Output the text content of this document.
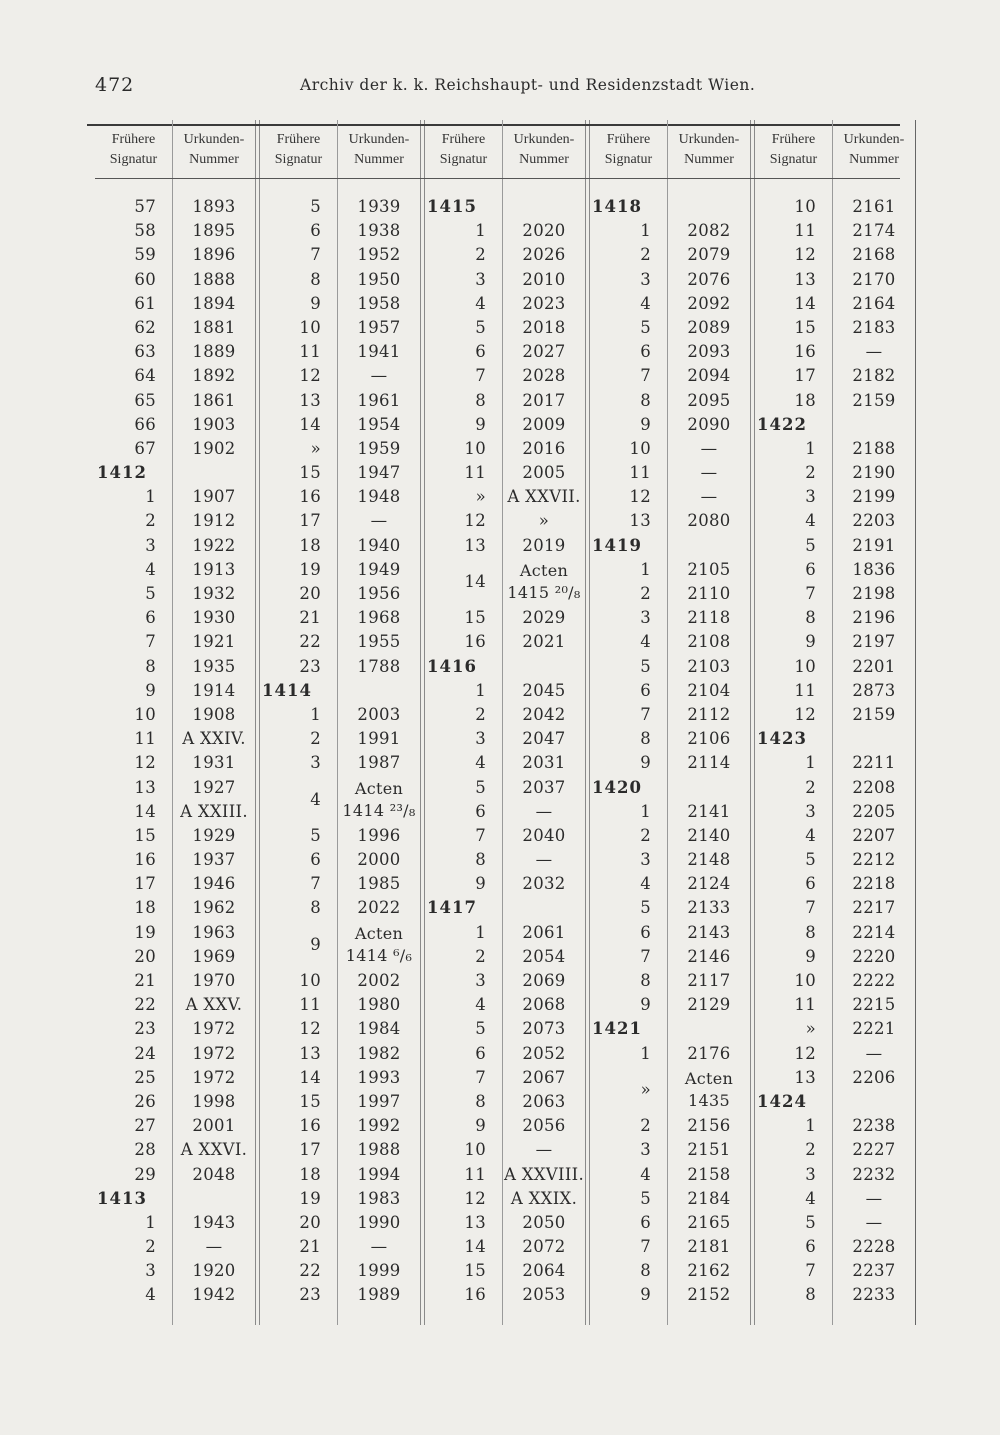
472	Archiv der k. k. Reichshaupt- und Residenzstadt Wien.
Frühere
Signatur
57
58
59
60
61
62
63
64
65
66
67
1412
1
2
3
4
5
6
7
8
9
10
11
12
13
14
15
16
17
18
19
20
21
22
23
24
25
26
27
28
29
1413
1
2
3
4
Urkunden-
Nummer
1893
1895
1896
1888
1894
1881
1889
1892
1861
1903
1902
1907
1912
1922
1913
1932
1930
1921
1935
1914
1908
A XXIV.
1931
1927
A XXIII.
1929
1937
1946
1962
1963
1969
1970
A XXV.
1972
1972
1972
1998
2001
A XXVI.
2048
1943
—
1920
1942
Frühere
Signatur
5
6
7
8
9
10
11
12
13
14
»
15
16
17
18
19
20
21
22
23
1414
1
2
3
4
5
6
7
8
9
10
11
12
13
14
15
16
17
18
19
20
21
22
23
Urkunden-
Nummer
1939
1938
1952
1950
1958
1957
1941
—
1961
1954
1959
1947
1948
—
1940
1949
1956
1968
1955
1788
2003
1991
1987
Acten
1414 ²³/₈
1996
2000
1985
2022
Acten
1414 ⁶/₆
2002
1980
1984
1982
1993
1997
1992
1988
1994
1983
1990
—
1999
1989
Frühere
Signatur
1415
1
2
3
4
5
6
7
8
9
10
11
»
12
13
14
15
16
1416
1
2
3
4
5
6
7
8
9
1417
1
2
3
4
5
6
7
8
9
10
11
12
13
14
15
16
Urkunden-
Nummer
2020
2026
2010
2023
2018
2027
2028
2017
2009
2016
2005
A XXVII.
»
2019
Acten
1415 ²⁰/₈
2029
2021
2045
2042
2047
2031
2037
—
2040
—
2032
2061
2054
2069
2068
2073
2052
2067
2063
2056
—
A XXVIII.
A XXIX.
2050
2072
2064
2053
Frühere
Signatur
1418
1
2
3
4
5
6
7
8
9
10
11
12
13
1419
1
2
3
4
5
6
7
8
9
1420
1
2
3
4
5
6
7
8
9
1421
1
»
2
3
4
5
6
7
8
9
Urkunden-
Nummer
2082
2079
2076
2092
2089
2093
2094
2095
2090
—
—
—
2080
2105
2110
2118
2108
2103
2104
2112
2106
2114
2141
2140
2148
2124
2133
2143
2146
2117
2129
2176
Acten
1435
2156
2151
2158
2184
2165
2181
2162
2152
Frühere
Signatur
10
11
12
13
14
15
16
17
18
1422
1
2
3
4
5
6
7
8
9
10
11
12
1423
1
2
3
4
5
6
7
8
9
10
11
»
12
13
1424
1
2
3
4
5
6
7
8
Urkunden-
Nummer
2161
2174
2168
2170
2164
2183
—
2182
2159
2188
2190
2199
2203
2191
1836
2198
2196
2197
2201
2873
2159
2211
2208
2205
2207
2212
2218
2217
2214
2220
2222
2215
2221
—
2206
2238
2227
2232
—
—
2228
2237
2233
